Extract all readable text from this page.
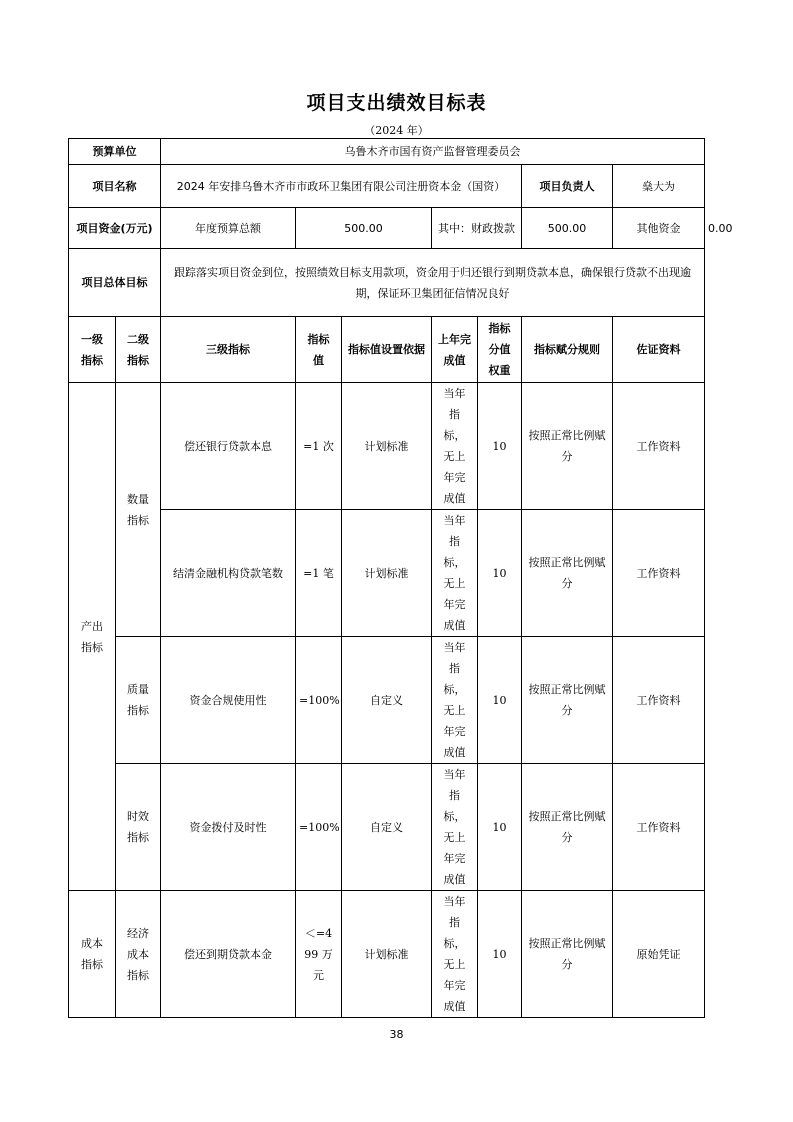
项目支出绩效目标表
（2024 年）
预算单位		乌鲁木齐市国有资产监督管理委员会							
项目名称		2024 年安排乌鲁木齐市市政环卫集团有限公司注册资本金（国资）					项目负责人	燊大为	
项目资金(万元)		年度预算总额	500.00		其中：财政拨款		500.00	其他资金	0.00
项目总体目标		跟踪落实项目资金到位，按照绩效目标支用款项，资金用于归还银行到期贷款本息，确保银行贷款不出现逾期，保证环卫集团征信情况良好							
一级指标	二级指标	三级指标	指标值	指标值设置依据	上年完成值	指标分值权重	指标赋分规则	佐证资料	
产出指标	数量指标	偿还银行贷款本息	=1 次	计划标准	当年指标，无上年完成值	10	按照正常比例赋分	工作资料	
		结清金融机构贷款笔数	=1 笔	计划标准	当年指标，无上年完成值	10	按照正常比例赋分	工作资料	
	质量指标	资金合规使用性	=100%	自定义	当年指标，无上年完成值	10	按照正常比例赋分	工作资料	
	时效指标	资金拨付及时性	=100%	自定义	当年指标，无上年完成值	10	按照正常比例赋分	工作资料	
成本指标	经济成本指标	偿还到期贷款本金	＜=499 万元	计划标准	当年指标，无上年完成值	10	按照正常比例赋分	原始凭证	
38
